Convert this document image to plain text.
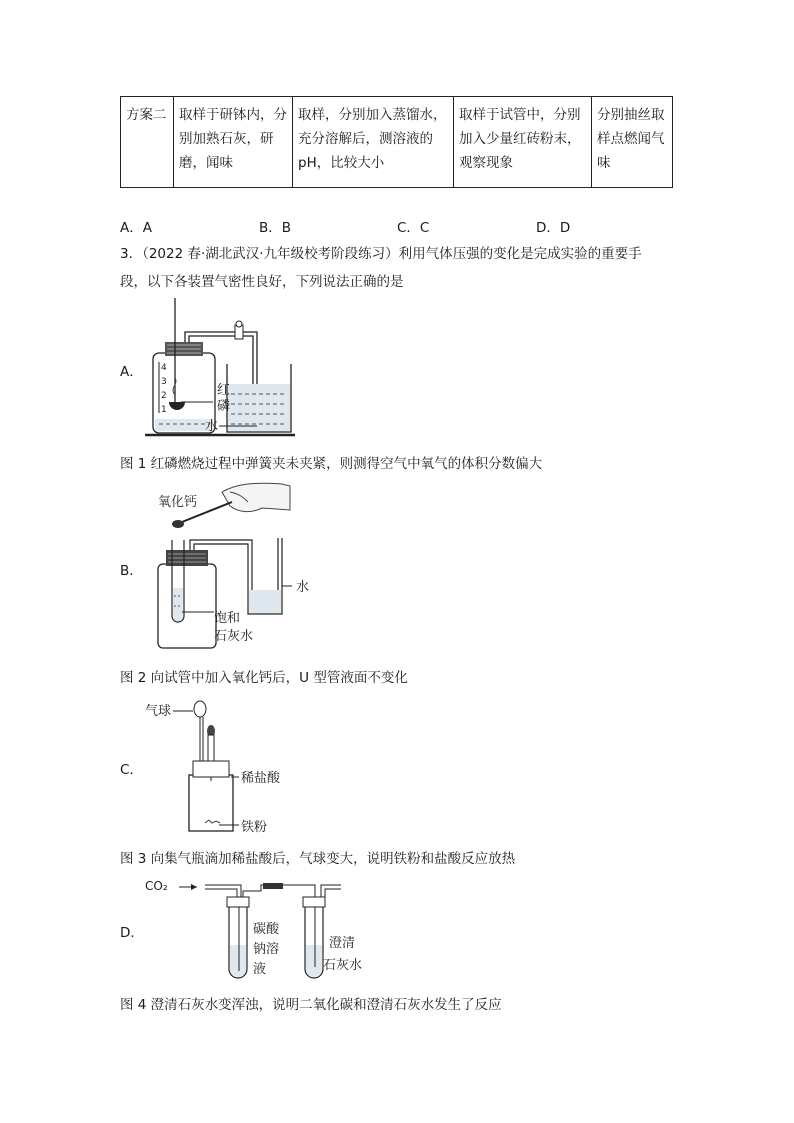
方案二	取样于研钵内，分别加熟石灰，研磨，闻味	取样，分别加入蒸馏水，充分溶解后，测溶液的 pH，比较大小	取样于试管中，分别加入少量红砖粉末，观察现象	分别抽丝取样点燃闻气味
A．A	B．B	C．C	D．D
3．（2022 春·湖北武汉·九年级校考阶段练习）利用气体压强的变化是完成实验的重要手
段，以下各装置气密性良好，下列说法正确的是
A． 4
3
2
1
红
磷
水
图 1 红磷燃烧过程中弹簧夹未夹紧，则测得空气中氧气的体积分数偏大
B．
氧化钙
水
饱和
石灰水
图 2 向试管中加入氧化钙后，U 型管液面不变化
C．
气球
稀盐酸
铁粉
图 3 向集气瓶滴加稀盐酸后，气球变大，说明铁粉和盐酸反应放热
D．
CO₂
碳酸
钠溶
液
澄清
石灰水
图 4 澄清石灰水变浑浊，说明二氧化碳和澄清石灰水发生了反应
